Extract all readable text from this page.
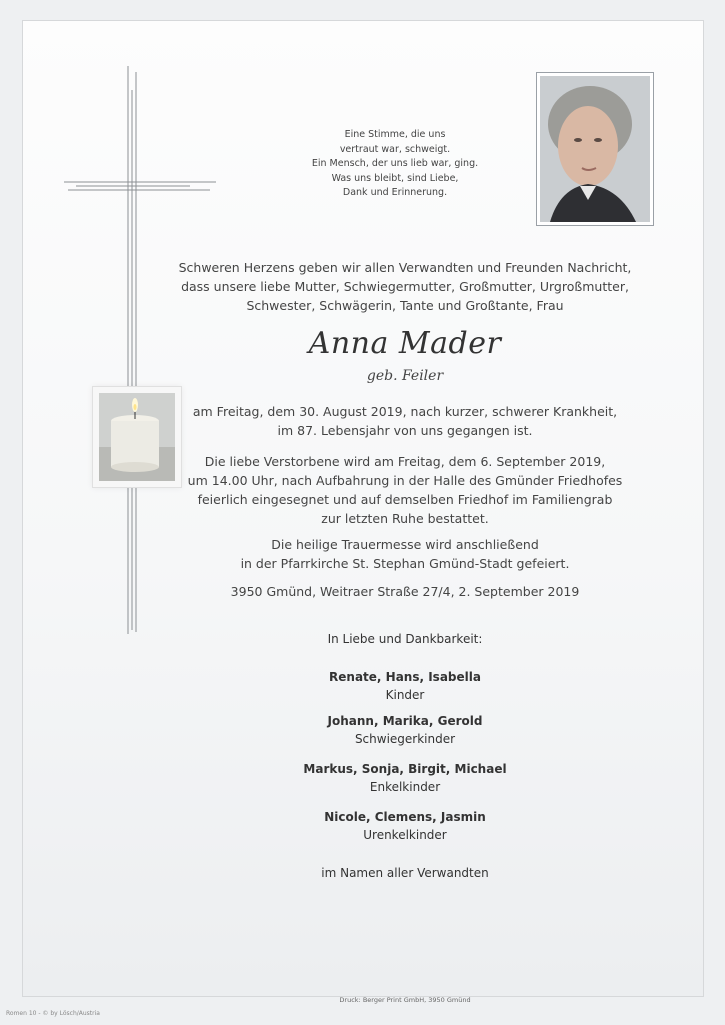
Eine Stimme, die uns
vertraut war, schweigt.
Ein Mensch, der uns lieb war, ging.
Was uns bleibt, sind Liebe,
Dank und Erinnerung.
Schweren Herzens geben wir allen Verwandten und Freunden Nachricht,
dass unsere liebe Mutter, Schwiegermutter, Großmutter, Urgroßmutter,
Schwester, Schwägerin, Tante und Großtante, Frau
Anna Mader
geb. Feiler
am Freitag, dem 30. August 2019, nach kurzer, schwerer Krankheit,
im 87. Lebensjahr von uns gegangen ist.
Die liebe Verstorbene wird am Freitag, dem 6. September 2019,
um 14.00 Uhr, nach Aufbahrung in der Halle des Gmünder Friedhofes
feierlich eingesegnet und auf demselben Friedhof im Familiengrab
zur letzten Ruhe bestattet.
Die heilige Trauermesse wird anschließend
in der Pfarrkirche St. Stephan Gmünd-Stadt gefeiert.
3950 Gmünd, Weitraer Straße 27/4, 2. September 2019
In Liebe und Dankbarkeit:
Renate, Hans, Isabella
Kinder
Johann, Marika, Gerold
Schwiegerkinder
Markus, Sonja, Birgit, Michael
Enkelkinder
Nicole, Clemens, Jasmin
Urenkelkinder
im Namen aller Verwandten
Druck: Berger Print GmbH, 3950 Gmünd
Romen 10 - © by Lösch/Austria
